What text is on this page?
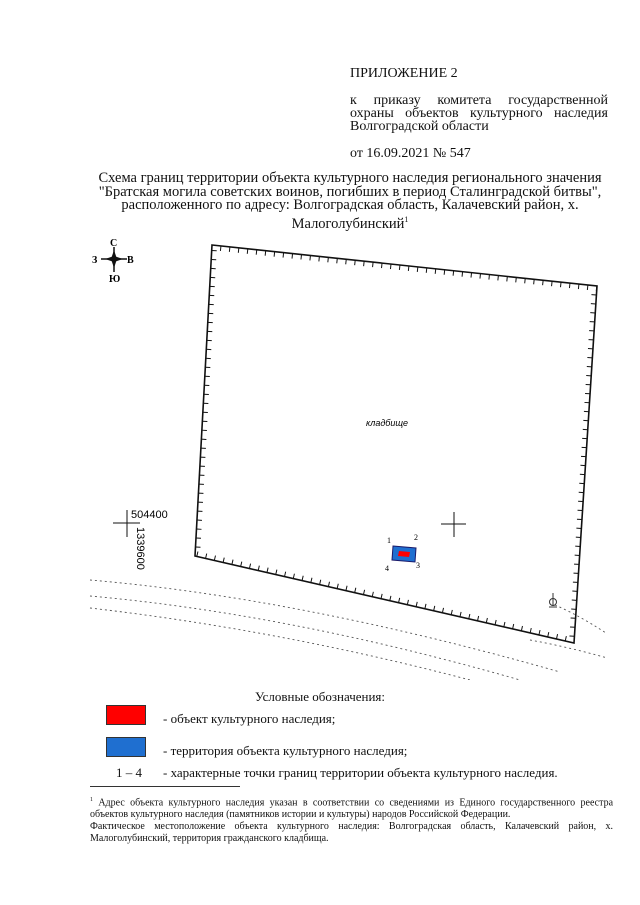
ПРИЛОЖЕНИЕ 2
к приказу комитета государственной охраны объектов культурного наследия Волгоградской области
от 16.09.2021 № 547
Схема границ территории объекта культурного наследия регионального значения "Братская могила советских воинов, погибших в период Сталинградской битвы", расположенного по адресу: Волгоградская область, Калачевский район, х. Малоголубинский$^1$
С
Ю
З	В
кладбище
504400
1339600	1	2
3
4
Условные обозначения:
- объект культурного наследия;
- территория объекта культурного наследия;
1 – 4	- характерные точки границ территории объекта культурного наследия.

$^1$ Адрес объекта культурного наследия указан в соответствии со сведениями из Единого государственного реестра объектов культурного наследия (памятников истории и культуры) народов Российской Федерации.

Фактическое местоположение объекта культурного наследия: Волгоградская область, Калачевский район, х. Малоголубинский, территория гражданского кладбища.
